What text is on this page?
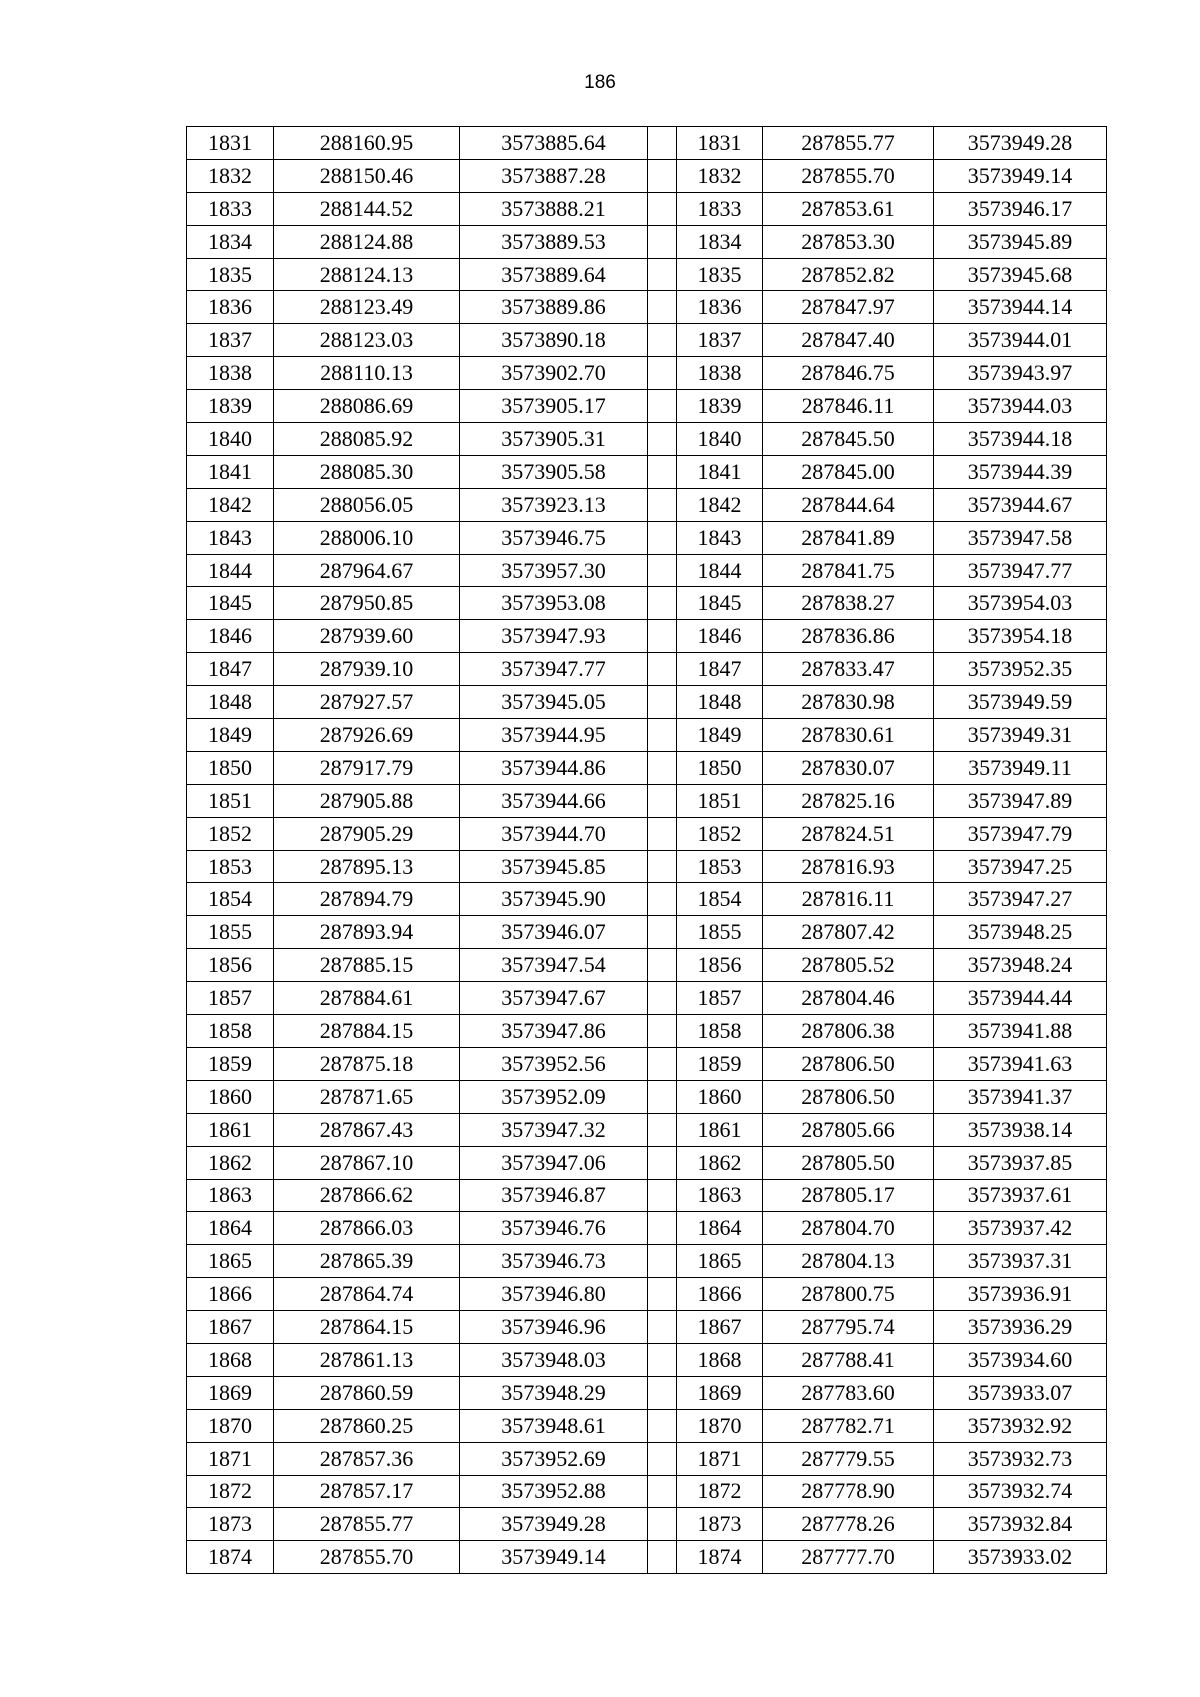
186
1831	288160.95	3573885.64		1831	287855.77	3573949.28
1832	288150.46	3573887.28		1832	287855.70	3573949.14
1833	288144.52	3573888.21		1833	287853.61	3573946.17
1834	288124.88	3573889.53		1834	287853.30	3573945.89
1835	288124.13	3573889.64		1835	287852.82	3573945.68
1836	288123.49	3573889.86		1836	287847.97	3573944.14
1837	288123.03	3573890.18		1837	287847.40	3573944.01
1838	288110.13	3573902.70		1838	287846.75	3573943.97
1839	288086.69	3573905.17		1839	287846.11	3573944.03
1840	288085.92	3573905.31		1840	287845.50	3573944.18
1841	288085.30	3573905.58		1841	287845.00	3573944.39
1842	288056.05	3573923.13		1842	287844.64	3573944.67
1843	288006.10	3573946.75		1843	287841.89	3573947.58
1844	287964.67	3573957.30		1844	287841.75	3573947.77
1845	287950.85	3573953.08		1845	287838.27	3573954.03
1846	287939.60	3573947.93		1846	287836.86	3573954.18
1847	287939.10	3573947.77		1847	287833.47	3573952.35
1848	287927.57	3573945.05		1848	287830.98	3573949.59
1849	287926.69	3573944.95		1849	287830.61	3573949.31
1850	287917.79	3573944.86		1850	287830.07	3573949.11
1851	287905.88	3573944.66		1851	287825.16	3573947.89
1852	287905.29	3573944.70		1852	287824.51	3573947.79
1853	287895.13	3573945.85		1853	287816.93	3573947.25
1854	287894.79	3573945.90		1854	287816.11	3573947.27
1855	287893.94	3573946.07		1855	287807.42	3573948.25
1856	287885.15	3573947.54		1856	287805.52	3573948.24
1857	287884.61	3573947.67		1857	287804.46	3573944.44
1858	287884.15	3573947.86		1858	287806.38	3573941.88
1859	287875.18	3573952.56		1859	287806.50	3573941.63
1860	287871.65	3573952.09		1860	287806.50	3573941.37
1861	287867.43	3573947.32		1861	287805.66	3573938.14
1862	287867.10	3573947.06		1862	287805.50	3573937.85
1863	287866.62	3573946.87		1863	287805.17	3573937.61
1864	287866.03	3573946.76		1864	287804.70	3573937.42
1865	287865.39	3573946.73		1865	287804.13	3573937.31
1866	287864.74	3573946.80		1866	287800.75	3573936.91
1867	287864.15	3573946.96		1867	287795.74	3573936.29
1868	287861.13	3573948.03		1868	287788.41	3573934.60
1869	287860.59	3573948.29		1869	287783.60	3573933.07
1870	287860.25	3573948.61		1870	287782.71	3573932.92
1871	287857.36	3573952.69		1871	287779.55	3573932.73
1872	287857.17	3573952.88		1872	287778.90	3573932.74
1873	287855.77	3573949.28		1873	287778.26	3573932.84
1874	287855.70	3573949.14		1874	287777.70	3573933.02
